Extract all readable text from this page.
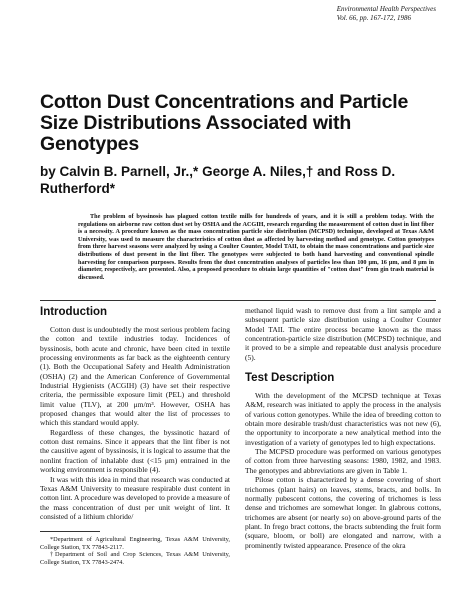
Environmental Health Perspectives
Vol. 66, pp. 167-172, 1986
Cotton Dust Concentrations and Particle Size Distributions Associated with Genotypes
by Calvin B. Parnell, Jr.,* George A. Niles,† and Ross D. Rutherford*
The problem of byssinosis has plagued cotton textile mills for hundreds of years, and it is still a problem today. With the regulations on airborne raw cotton dust set by OSHA and the ACGIH, research regarding the measurement of cotton dust in lint fiber is a necessity. A procedure known as the mass concentration particle size distribution (MCPSD) technique, developed at Texas A&M University, was used to measure the characteristics of cotton dust as affected by harvesting method and genotype. Cotton genotypes from three harvest seasons were analyzed by using a Coulter Counter, Model TAII, to obtain the mass concentrations and particle size distributions of dust present in the lint fiber. The genotypes were subjected to both hand harvesting and conventional spindle harvesting for comparison purposes. Results from the dust concentration analyses of particles less than 100 μm, 16 μm, and 8 μm in diameter, respectively, are presented. Also, a proposed procedure to obtain large quantities of "cotton dust" from gin trash material is discussed.
Introduction

Cotton dust is undoubtedly the most serious problem facing the cotton and textile industries today. Incidences of byssinosis, both acute and chronic, have been cited in textile processing environments as far back as the eighteenth century (1). Both the Occupational Safety and Health Administration (OSHA) (2) and the American Conference of Governmental Industrial Hygienists (ACGIH) (3) have set their respective criteria, the permissible exposure limit (PEL) and threshold limit value (TLV), at 200 μm/m³. However, OSHA has proposed changes that would alter the list of processes to which this standard would apply.

Regardless of these changes, the byssinotic hazard of cotton dust remains. Since it appears that the lint fiber is not the causitive agent of byssinosis, it is logical to assume that the nonlint fraction of inhalable dust (<15 μm) entrained in the working environment is responsible (4).

It was with this idea in mind that research was conducted at Texas A&M University to measure respirable dust content in cotton lint. A procedure was developed to provide a measure of the mass concentration of dust per unit weight of lint. It consisted of a lithium chloride/

*Department of Agricultural Engineering, Texas A&M University, College Station, TX 77843-2117.

†Department of Soil and Crop Sciences, Texas A&M University, College Station, TX 77843-2474.

methanol liquid wash to remove dust from a lint sample and a subsequent particle size distribution using a Coulter Counter Model TAII. The entire process became known as the mass concentration-particle size distribution (MCPSD) technique, and it proved to be a simple and repeatable dust analysis procedure (5).

Test Description

With the development of the MCPSD technique at Texas A&M, research was initiated to apply the process in the analysis of various cotton genotypes. While the idea of breeding cotton to obtain more desirable trash/dust characteristics was not new (6), the opportunity to incorporate a new analytical method into the investigation of a variety of genotypes led to high expectations.

The MCPSD procedure was performed on various genotypes of cotton from three harvesting seasons: 1980, 1982, and 1983. The genotypes and abbreviations are given in Table 1.

Pilose cotton is characterized by a dense covering of short trichomes (plant hairs) on leaves, stems, bracts, and bolls. In normally pubescent cottons, the covering of trichomes is less dense and trichomes are somewhat longer. In glabrous cottons, trichomes are absent (or nearly so) on above-ground parts of the plant. In frego bract cottons, the bracts subtending the fruit form (square, bloom, or boll) are elongated and narrow, with a prominently twisted appearance. Presence of the okra
